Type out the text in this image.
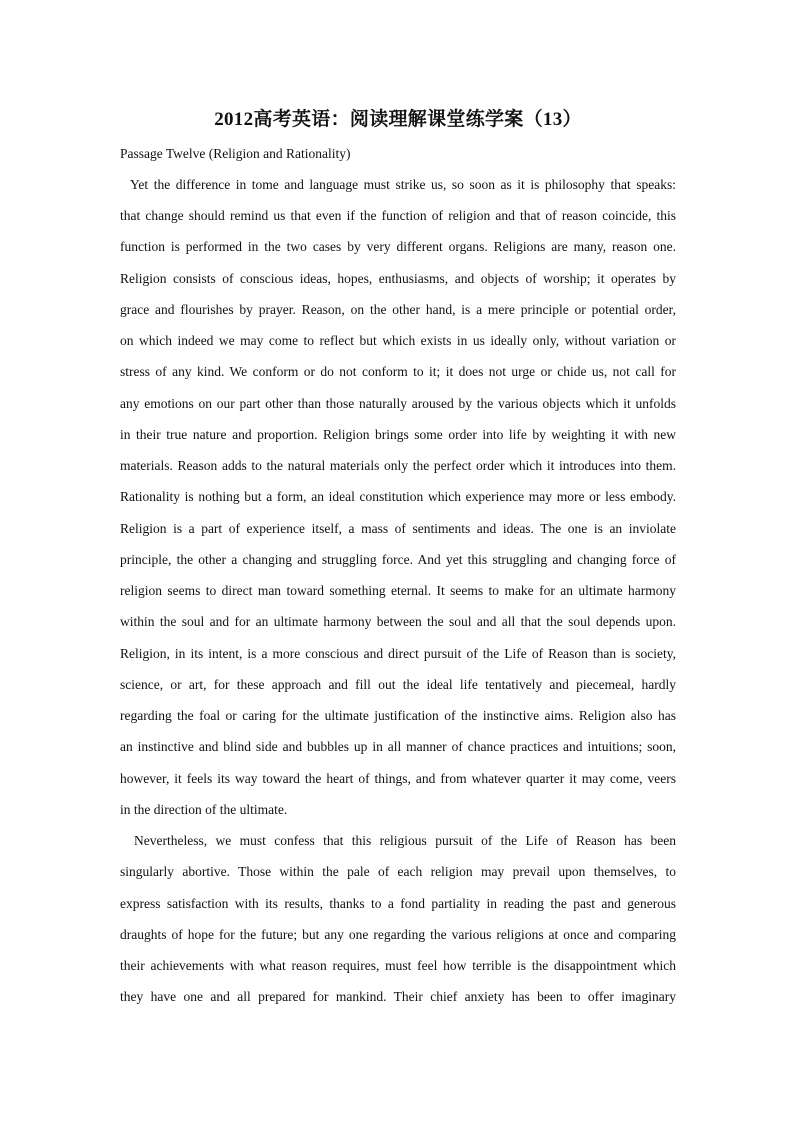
2012高考英语：阅读理解课堂练学案（13）
Passage Twelve (Religion and Rationality)
Yet the difference in tome and language must strike us, so soon as it is philosophy that speaks:
that change should remind us that even if the function of religion and that of reason coincide, this
function is performed in the two cases by very different organs. Religions are many, reason one.
Religion consists of conscious ideas, hopes, enthusiasms, and objects of worship; it operates by
grace and flourishes by prayer. Reason, on the other hand, is a mere principle or potential order,
on which indeed we may come to reflect but which exists in us ideally only, without variation or
stress of any kind. We conform or do not conform to it; it does not urge or chide us, not call for
any emotions on our part other than those naturally aroused by the various objects which it unfolds
in their true nature and proportion. Religion brings some order into life by weighting it with new
materials. Reason adds to the natural materials only the perfect order which it introduces into them.
Rationality is nothing but a form, an ideal constitution which experience may more or less embody.
Religion is a part of experience itself, a mass of sentiments and ideas. The one is an inviolate
principle, the other a changing and struggling force. And yet this struggling and changing force of
religion seems to direct man toward something eternal. It seems to make for an ultimate harmony
within the soul and for an ultimate harmony between the soul and all that the soul depends upon.
Religion, in its intent, is a more conscious and direct pursuit of the Life of Reason than is society,
science, or art, for these approach and fill out the ideal life tentatively and piecemeal, hardly
regarding the foal or caring for the ultimate justification of the instinctive aims. Religion also has
an instinctive and blind side and bubbles up in all manner of chance practices and intuitions; soon,
however, it feels its way toward the heart of things, and from whatever quarter it may come, veers
in the direction of the ultimate.
Nevertheless, we must confess that this religious pursuit of the Life of Reason has been
singularly abortive. Those within the pale of each religion may prevail upon themselves, to
express satisfaction with its results, thanks to a fond partiality in reading the past and generous
draughts of hope for the future; but any one regarding the various religions at once and comparing
their achievements with what reason requires, must feel how terrible is the disappointment which
they have one and all prepared for mankind. Their chief anxiety has been to offer imaginary
